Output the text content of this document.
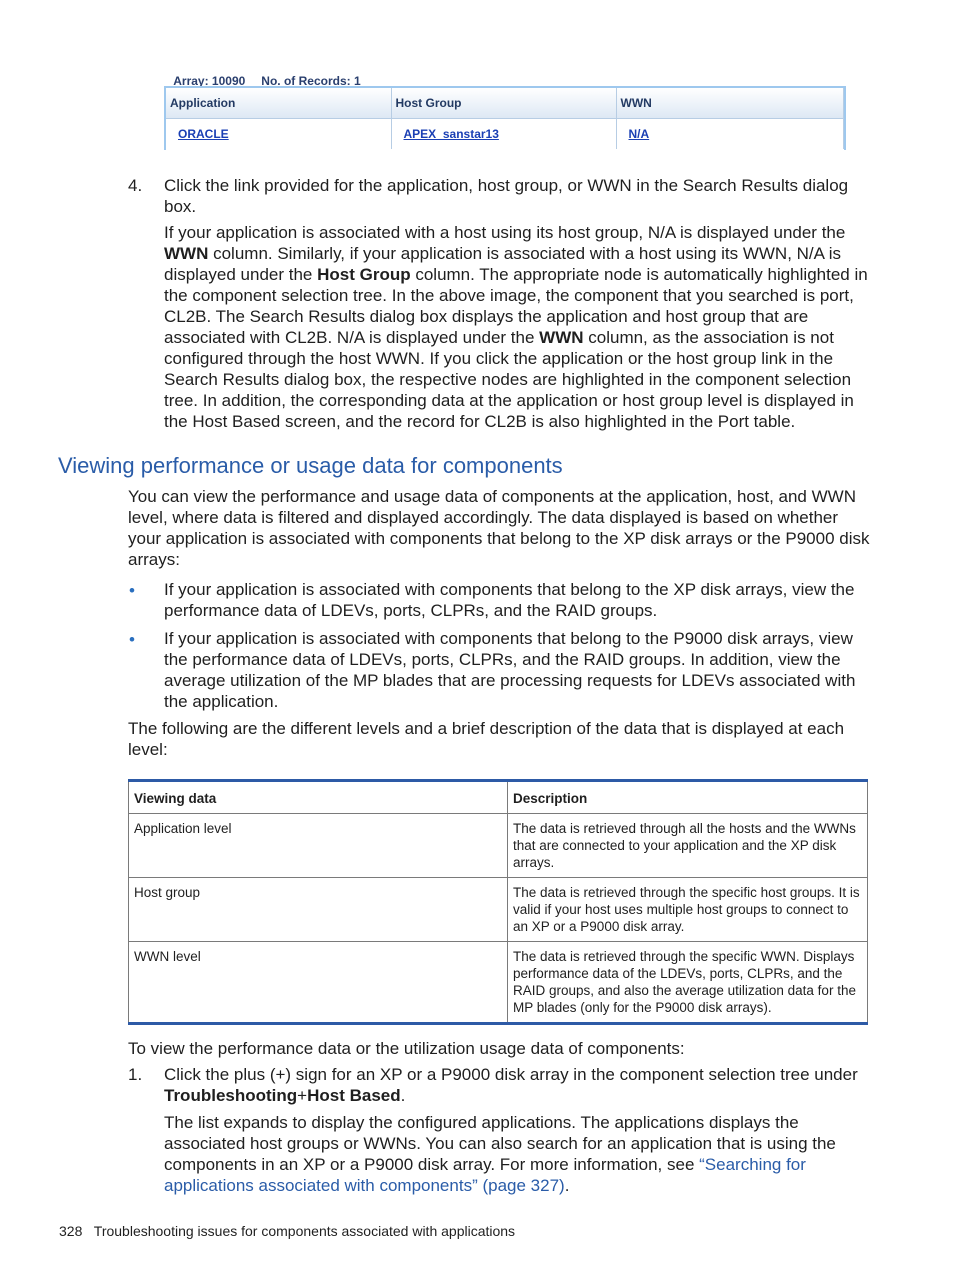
Array: 10090 No. of Records: 1

Application	Host Group	WWN
ORACLE	APEX_sanstar13	N/A
4.	Click the link provided for the application, host group, or WWN in the Search Results dialog box.
If your application is associated with a host using its host group, N/A is displayed under the WWN column. Similarly, if your application is associated with a host using its WWN, N/A is displayed under the Host Group column. The appropriate node is automatically highlighted in the component selection tree. In the above image, the component that you searched is port, CL2B. The Search Results dialog box displays the application and host group that are associated with CL2B. N/A is displayed under the WWN column, as the association is not configured through the host WWN. If you click the application or the host group link in the Search Results dialog box, the respective nodes are highlighted in the component selection tree. In addition, the corresponding data at the application or host group level is displayed in the Host Based screen, and the record for CL2B is also highlighted in the Port table.
Viewing performance or usage data for components
You can view the performance and usage data of components at the application, host, and WWN level, where data is filtered and displayed accordingly. The data displayed is based on whether your application is associated with components that belong to the XP disk arrays or the P9000 disk arrays:
• If your application is associated with components that belong to the XP disk arrays, view the performance data of LDEVs, ports, CLPRs, and the RAID groups.
• If your application is associated with components that belong to the P9000 disk arrays, view the performance data of LDEVs, ports, CLPRs, and the RAID groups. In addition, view the average utilization of the MP blades that are processing requests for LDEVs associated with the application.
The following are the different levels and a brief description of the data that is displayed at each level:
Viewing data	Description
Application level	The data is retrieved through all the hosts and the WWNs that are connected to your application and the XP disk arrays.
Host group	The data is retrieved through the specific host groups. It is valid if your host uses multiple host groups to connect to an XP or a P9000 disk array.
WWN level	The data is retrieved through the specific WWN. Displays performance data of the LDEVs, ports, CLPRs, and the RAID groups, and also the average utilization data for the MP blades (only for the P9000 disk arrays).
To view the performance data or the utilization usage data of components:
1.	Click the plus (+) sign for an XP or a P9000 disk array in the component selection tree under Troubleshooting+Host Based.
The list expands to display the configured applications. The applications displays the associated host groups or WWNs. You can also search for an application that is using the components in an XP or a P9000 disk array. For more information, see “Searching for applications associated with components” (page 327).
328 Troubleshooting issues for components associated with applications
